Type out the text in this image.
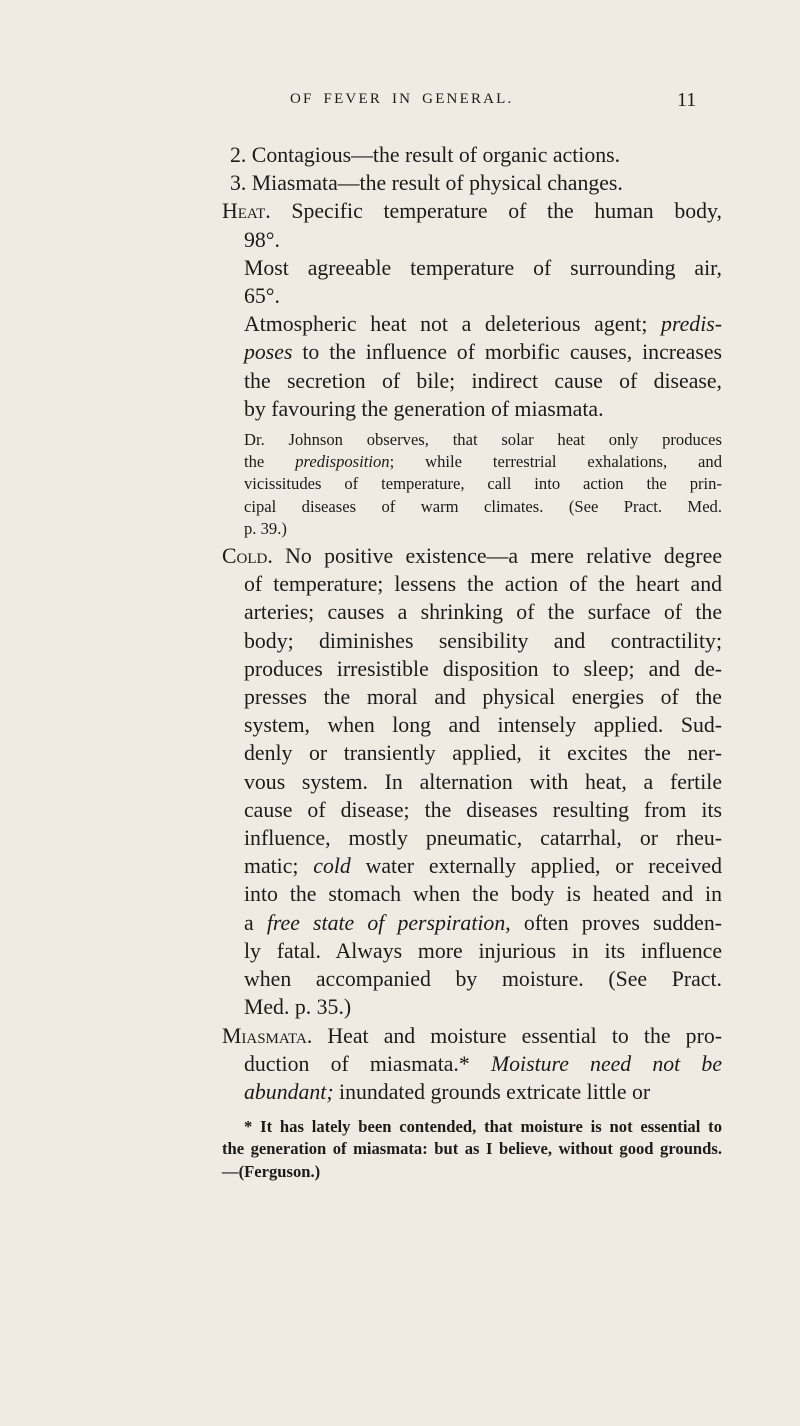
OF FEVER IN GENERAL.	11
2. Contagious—the result of organic actions.
3. Miasmata—the result of physical changes.
Heat. Specific temperature of the human body,
98°.
Most agreeable temperature of surrounding air,
65°.
Atmospheric heat not a deleterious agent; predis-
poses to the influence of morbific causes, increases
the secretion of bile; indirect cause of disease,
by favouring the generation of miasmata.
Dr. Johnson observes, that solar heat only produces
the predisposition; while terrestrial exhalations, and
vicissitudes of temperature, call into action the prin-
cipal diseases of warm climates. (See Pract. Med.
p. 39.)
Cold. No positive existence—a mere relative degree
of temperature; lessens the action of the heart and
arteries; causes a shrinking of the surface of the
body; diminishes sensibility and contractility;
produces irresistible disposition to sleep; and de-
presses the moral and physical energies of the
system, when long and intensely applied. Sud-
denly or transiently applied, it excites the ner-
vous system. In alternation with heat, a fertile
cause of disease; the diseases resulting from its
influence, mostly pneumatic, catarrhal, or rheu-
matic; cold water externally applied, or received
into the stomach when the body is heated and in
a free state of perspiration, often proves sudden-
ly fatal. Always more injurious in its influence
when accompanied by moisture. (See Pract.
Med. p. 35.)
Miasmata. Heat and moisture essential to the pro-
duction of miasmata.* Moisture need not be
abundant; inundated grounds extricate little or
* It has lately been contended, that moisture is not essential to
the generation of miasmata: but as I believe, without good grounds.
—(Ferguson.)
